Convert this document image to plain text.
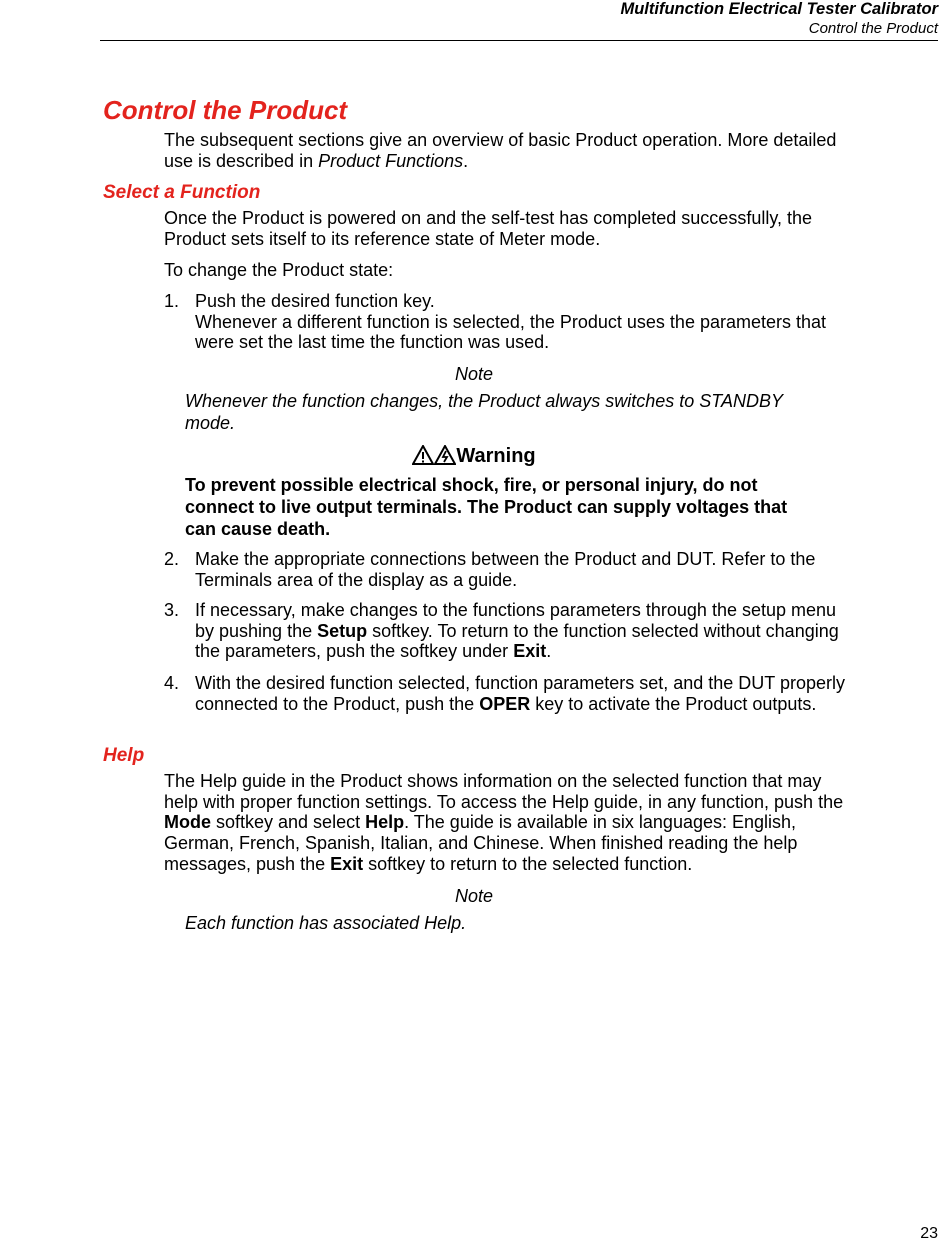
Multifunction Electrical Tester Calibrator
Control the Product
Control the Product
The subsequent sections give an overview of basic Product operation. More detailed use is described in Product Functions.
Select a Function
Once the Product is powered on and the self-test has completed successfully, the Product sets itself to its reference state of Meter mode.
To change the Product state:
1. Push the desired function key.
Whenever a different function is selected, the Product uses the parameters that were set the last time the function was used.
Note
Whenever the function changes, the Product always switches to STANDBY mode.
Warning
To prevent possible electrical shock, fire, or personal injury, do not connect to live output terminals. The Product can supply voltages that can cause death.
2. Make the appropriate connections between the Product and DUT. Refer to the Terminals area of the display as a guide.
3. If necessary, make changes to the functions parameters through the setup menu by pushing the Setup softkey. To return to the function selected without changing the parameters, push the softkey under Exit.
4. With the desired function selected, function parameters set, and the DUT properly connected to the Product, push the OPER key to activate the Product outputs.
Help
The Help guide in the Product shows information on the selected function that may help with proper function settings. To access the Help guide, in any function, push the Mode softkey and select Help. The guide is available in six languages: English, German, French, Spanish, Italian, and Chinese. When finished reading the help messages, push the Exit softkey to return to the selected function.
Note
Each function has associated Help.
23
